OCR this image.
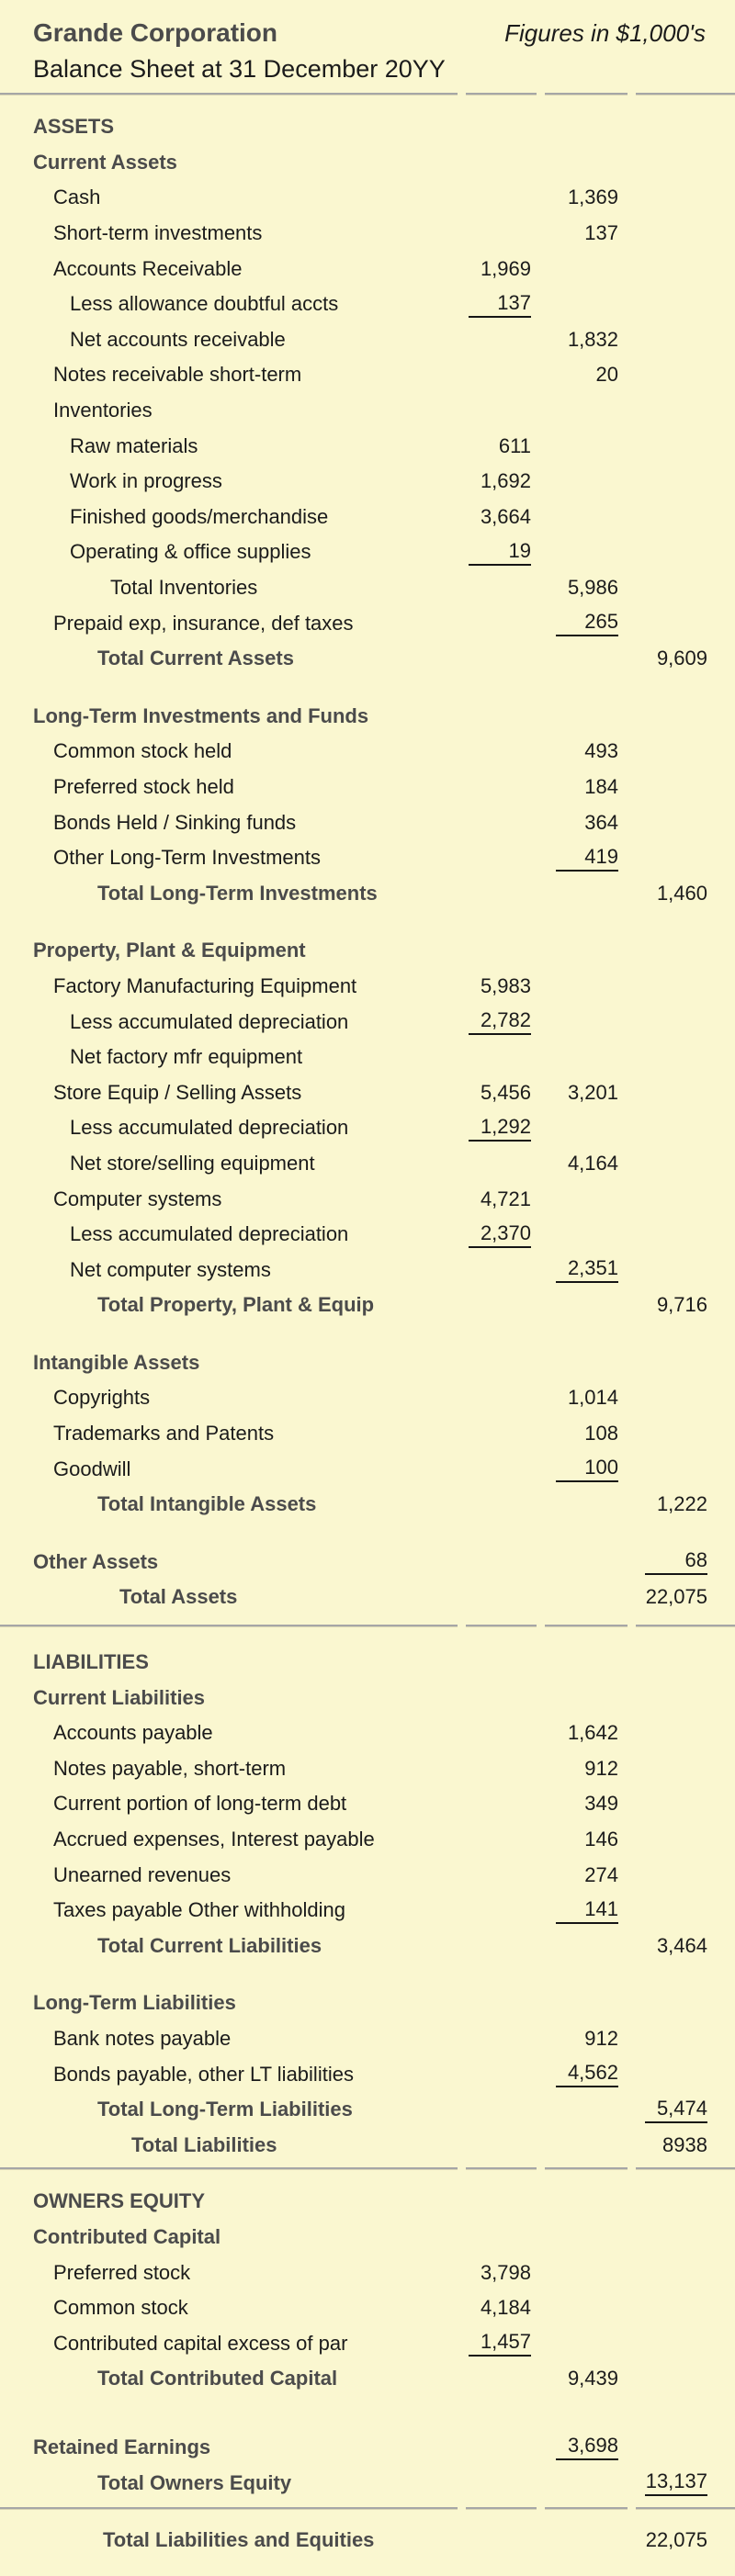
Grande Corporation	Figures in $1,000's
Balance Sheet at 31 December 20YY
ASSETS
Current Assets
Cash	1,369
Short-term investments	137
Accounts Receivable	1,969
Less allowance doubtful accts	137
Net accounts receivable	1,832
Notes receivable short-term	20
Inventories
Raw materials	611
Work in progress	1,692
Finished goods/merchandise	3,664
Operating & office supplies	19
Total Inventories	5,986
Prepaid exp, insurance, def taxes	265
Total Current Assets	9,609
Long-Term Investments and Funds
Common stock held	493
Preferred stock held	184
Bonds Held / Sinking funds	364
Other Long-Term Investments	419
Total Long-Term Investments	1,460
Property, Plant & Equipment
Factory Manufacturing Equipment	5,983
Less accumulated depreciation	2,782
Net factory mfr equipment
Store Equip / Selling Assets	5,456	3,201
Less accumulated depreciation	1,292
Net store/selling equipment	4,164
Computer systems	4,721
Less accumulated depreciation	2,370
Net computer systems	2,351
Total Property, Plant & Equip	9,716
Intangible Assets
Copyrights	1,014
Trademarks and Patents	108
Goodwill	100
Total Intangible Assets	1,222
Other Assets	68
Total Assets	22,075
LIABILITIES
Current Liabilities
Accounts payable	1,642
Notes payable, short-term	912
Current portion of long-term debt	349
Accrued expenses, Interest payable	146
Unearned revenues	274
Taxes payable Other withholding	141
Total Current Liabilities	3,464
Long-Term Liabilities
Bank notes payable	912
Bonds payable, other LT liabilities	4,562
Total Long-Term Liabilities	5,474
Total Liabilities	8938
OWNERS EQUITY
Contributed Capital
Preferred stock	3,798
Common stock	4,184
Contributed capital excess of par	1,457
Total Contributed Capital	9,439
Retained Earnings	3,698
Total Owners Equity	13,137
Total Liabilities and Equities	22,075
